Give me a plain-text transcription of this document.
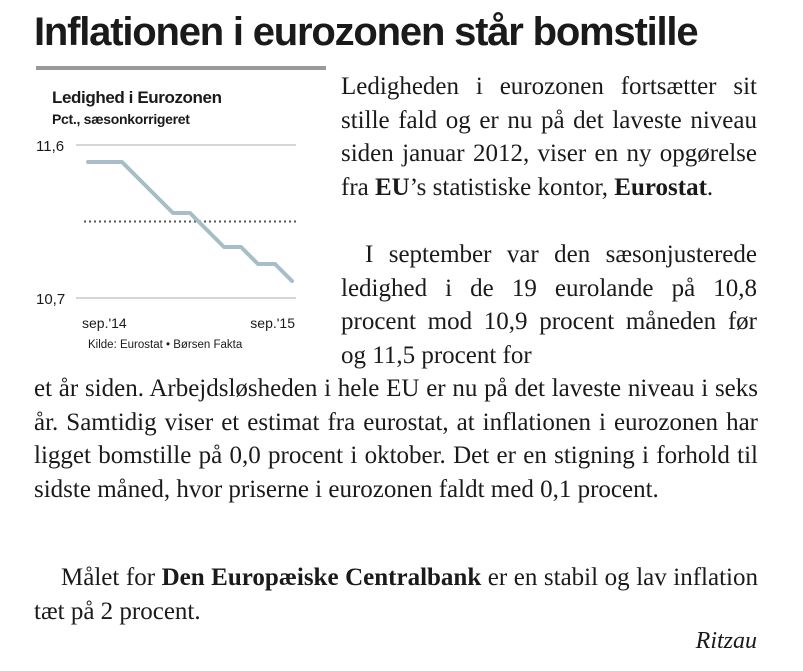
Inflationen i eurozonen står bomstille
Ledighed i Eurozonen
Pct., sæsonkorrigeret
11,6
10,7
sep.'14	sep.'15
Kilde: Eurostat • Børsen Fakta

Ledigheden i eurozonen fortsætter sit stille fald og er nu på det laveste niveau siden januar 2012, viser en ny opgørelse fra EU’s statistiske kontor, Eurostat.

I september var den sæsonjusterede ledighed i de 19 eurolande på 10,8 procent mod 10,9 procent måneden før og 11,5 procent for

et år siden. Arbejdsløsheden i hele EU er nu på det laveste niveau i seks år. Samtidig viser et estimat fra eurostat, at inflationen i eurozonen har ligget bomstille på 0,0 procent i oktober. Det er en stigning i forhold til sidste måned, hvor priserne i eurozonen faldt med 0,1 procent.

Målet for Den Europæiske Centralbank er en stabil og lav inflation tæt på 2 procent.

Ritzau
